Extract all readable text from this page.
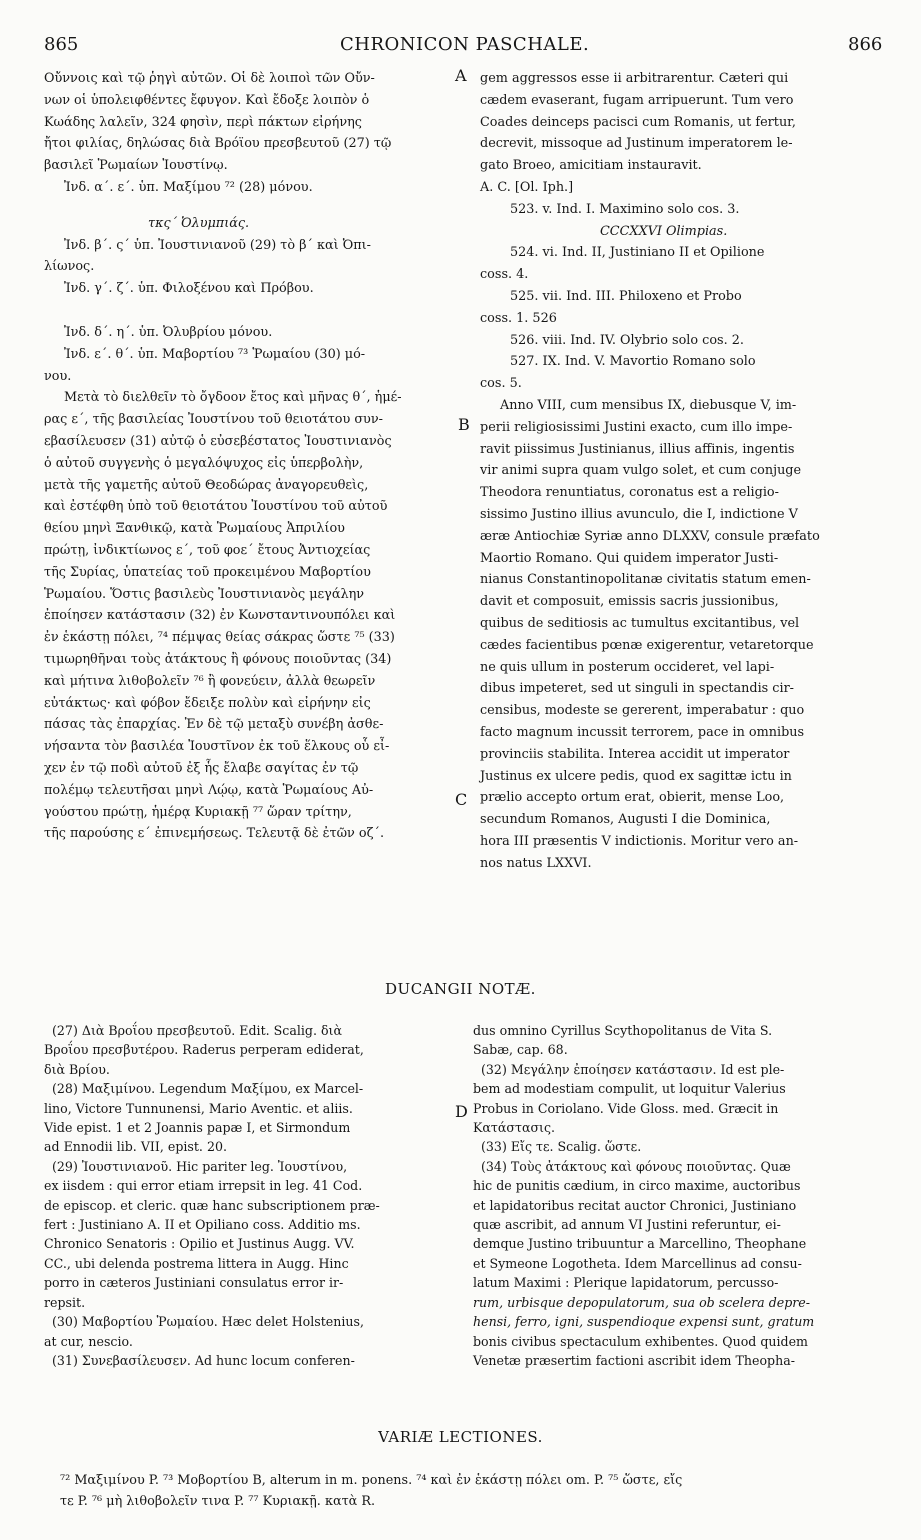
865	CHRONICON PASCHALE.	866
Οὔννοις καὶ τῷ ῥηγὶ αὐτῶν. Οἱ δὲ λοιποὶ τῶν Οὔν-
νων οἱ ὑπολειφθέντες ἔφυγον. Καὶ ἔδοξε λοιπὸν ὁ
Κωάδης λαλεῖν, 324 φησὶν, περὶ πάκτων εἰρήνης
ἤτοι φιλίας, δηλώσας διὰ Βρόϊου πρεσβευτοῦ (27) τῷ
βασιλεῖ Ῥωμαίων Ἰουστίνῳ.
Ἰνδ. α΄. ε΄. ὑπ. Μαξίμου ⁷² (28) μόνου.
τκς΄ Ὀλυμπιάς.
Ἰνδ. β΄. ς΄ ὑπ. Ἰουστινιανοῦ (29) τὸ β΄ καὶ Ὀπι-
λίωνος.
Ἰνδ. γ΄. ζ΄. ὑπ. Φιλοξένου καὶ Πρόβου.
Ἰνδ. δ΄. η΄. ὑπ. Ὀλυβρίου μόνου.
Ἰνδ. ε΄. θ΄. ὑπ. Μαβορτίου ⁷³ Ῥωμαίου (30) μό-
νου.
Μετὰ τὸ διελθεῖν τὸ ὄγδοον ἔτος καὶ μῆνας θ΄, ἡμέ-
ρας ε΄, τῆς βασιλείας Ἰουστίνου τοῦ θειοτάτου συν-
εβασίλευσεν (31) αὐτῷ ὁ εὐσεβέστατος Ἰουστινιανὸς
ὁ αὐτοῦ συγγενὴς ὁ μεγαλόψυχος εἰς ὑπερβολὴν,
μετὰ τῆς γαμετῆς αὐτοῦ Θεοδώρας ἀναγορευθεὶς,
καὶ ἐστέφθη ὑπὸ τοῦ θειοτάτου Ἰουστίνου τοῦ αὐτοῦ
θείου μηνὶ Ξανθικῷ, κατὰ Ῥωμαίους Ἀπριλίου
πρώτῃ, ἰνδικτίωνος ε΄, τοῦ φοε΄ ἔτους Ἀντιοχείας
τῆς Συρίας, ὑπατείας τοῦ προκειμένου Μαβορτίου
Ῥωμαίου. Ὅστις βασιλεὺς Ἰουστινιανὸς μεγάλην
ἐποίησεν κατάστασιν (32) ἐν Κωνσταντινουπόλει καὶ
ἐν ἑκάστῃ πόλει, ⁷⁴ πέμψας θείας σάκρας ὥστε ⁷⁵ (33)
τιμωρηθῆναι τοὺς ἀτάκτους ἢ φόνους ποιοῦντας (34)
καὶ μήτινα λιθοβολεῖν ⁷⁶ ἢ φονεύειν, ἀλλὰ θεωρεῖν
εὐτάκτως· καὶ φόβον ἔδειξε πολὺν καὶ εἰρήνην εἰς
πάσας τὰς ἐπαρχίας. Ἐν δὲ τῷ μεταξὺ συνέβη ἀσθε-
νήσαντα τὸν βασιλέα Ἰουστῖνον ἐκ τοῦ ἕλκους οὗ εἶ-
χεν ἐν τῷ ποδὶ αὐτοῦ ἐξ ἧς ἔλαβε σαγίτας ἐν τῷ
πολέμῳ τελευτῆσαι μηνὶ Λῴῳ, κατὰ Ῥωμαίους Αὐ-
γούστου πρώτῃ, ἡμέρᾳ Κυριακῇ ⁷⁷ ὥραν τρίτην,
τῆς παρούσης ε΄ ἐπινεμήσεως. Τελευτᾷ δὲ ἐτῶν οζ΄.
A
B
C
D
gem aggressos esse ii arbitrarentur. Cæteri qui
cædem evaserant, fugam arripuerunt. Tum vero
Coades deinceps pacisci cum Romanis, ut fertur,
decrevit, missoque ad Justinum imperatorem le-
gato Broeo, amicitiam instauravit.
A. C. [Ol. Iph.]
523. v. Ind. I. Maximino solo cos. 3.
CCCXXVI Olimpias.
524. vi. Ind. II, Justiniano II et Opilione
coss. 4.
525. vii. Ind. III. Philoxeno et Probo
coss. 1. 526
526. viii. Ind. IV. Olybrio solo cos. 2.
527. IX. Ind. V. Mavortio Romano solo
cos. 5.
Anno VIII, cum mensibus IX, diebusque V, im-
perii religiosissimi Justini exacto, cum illo impe-
ravit piissimus Justinianus, illius affinis, ingentis
vir animi supra quam vulgo solet, et cum conjuge
Theodora renuntiatus, coronatus est a religio-
sissimo Justino illius avunculo, die I, indictione V
æræ Antiochiæ Syriæ anno DLXXV, consule præfato
Maortio Romano. Qui quidem imperator Justi-
nianus Constantinopolitanæ civitatis statum emen-
davit et composuit, emissis sacris jussionibus,
quibus de seditiosis ac tumultus excitantibus, vel
cædes facientibus pœnæ exigerentur, vetaretorque
ne quis ullum in posterum occideret, vel lapi-
dibus impeteret, sed ut singuli in spectandis cir-
censibus, modeste se gererent, imperabatur : quo
facto magnum incussit terrorem, pace in omnibus
provinciis stabilita. Interea accidit ut imperator
Justinus ex ulcere pedis, quod ex sagittæ ictu in
prælio accepto ortum erat, obierit, mense Loo,
secundum Romanos, Augusti I die Dominica,
hora III præsentis V indictionis. Moritur vero an-
nos natus LXXVI.
DUCANGII NOTÆ.
(27) Διὰ Βροΐου πρεσβευτοῦ. Edit. Scalig. διὰ
Βροΐου πρεσβυτέρου. Raderus perperam ediderat,
διὰ Βρίου.
(28) Μαξιμίνου. Legendum Μαξίμου, ex Marcel-
lino, Victore Tunnunensi, Mario Aventic. et aliis.
Vide epist. 1 et 2 Joannis papæ I, et Sirmondum
ad Ennodii lib. VII, epist. 20.
(29) Ἰουστινιανοῦ. Hic pariter leg. Ἰουστίνου,
ex iisdem : qui error etiam irrepsit in leg. 41 Cod.
de episcop. et cleric. quæ hanc subscriptionem præ-
fert : Justiniano A. II et Opiliano coss. Additio ms.
Chronico Senatoris : Opilio et Justinus Augg. VV.
CC., ubi delenda postrema littera in Augg. Hinc
porro in cæteros Justiniani consulatus error ir-
repsit.
(30) Μαβορτίου Ῥωμαίου. Hæc delet Holstenius,
at cur, nescio.
(31) Συνεβασίλευσεν. Ad hunc locum conferen-
dus omnino Cyrillus Scythopolitanus de Vita S.
Sabæ, cap. 68.
(32) Μεγάλην ἐποίησεν κατάστασιν. Id est ple-
bem ad modestiam compulit, ut loquitur Valerius
Probus in Coriolano. Vide Gloss. med. Græcit in
Κατάστασις.
(33) Εἴς τε. Scalig. ὥστε.
(34) Τοὺς ἀτάκτους καὶ φόνους ποιοῦντας. Quæ
hic de punitis cædium, in circo maxime, auctoribus
et lapidatoribus recitat auctor Chronici, Justiniano
quæ ascribit, ad annum VI Justini referuntur, ei-
demque Justino tribuuntur a Marcellino, Theophane
et Symeone Logotheta. Idem Marcellinus ad consu-
latum Maximi : Plerique lapidatorum, percusso-
rum, urbisque depopulatorum, sua ob scelera depre-
hensi, ferro, igni, suspendioque expensi sunt, gratum
bonis civibus spectaculum exhibentes. Quod quidem
Venetæ præsertim factioni ascribit idem Theopha-
VARIÆ LECTIONES.
⁷² Μαξιμίνου P. ⁷³ Μοβορτίου B, alterum in m. ponens. ⁷⁴ καὶ ἐν ἑκάστῃ πόλει om. P. ⁷⁵ ὥστε, εἴς
τε P. ⁷⁶ μὴ λιθοβολεῖν τινα P. ⁷⁷ Κυριακῇ. κατὰ R.
